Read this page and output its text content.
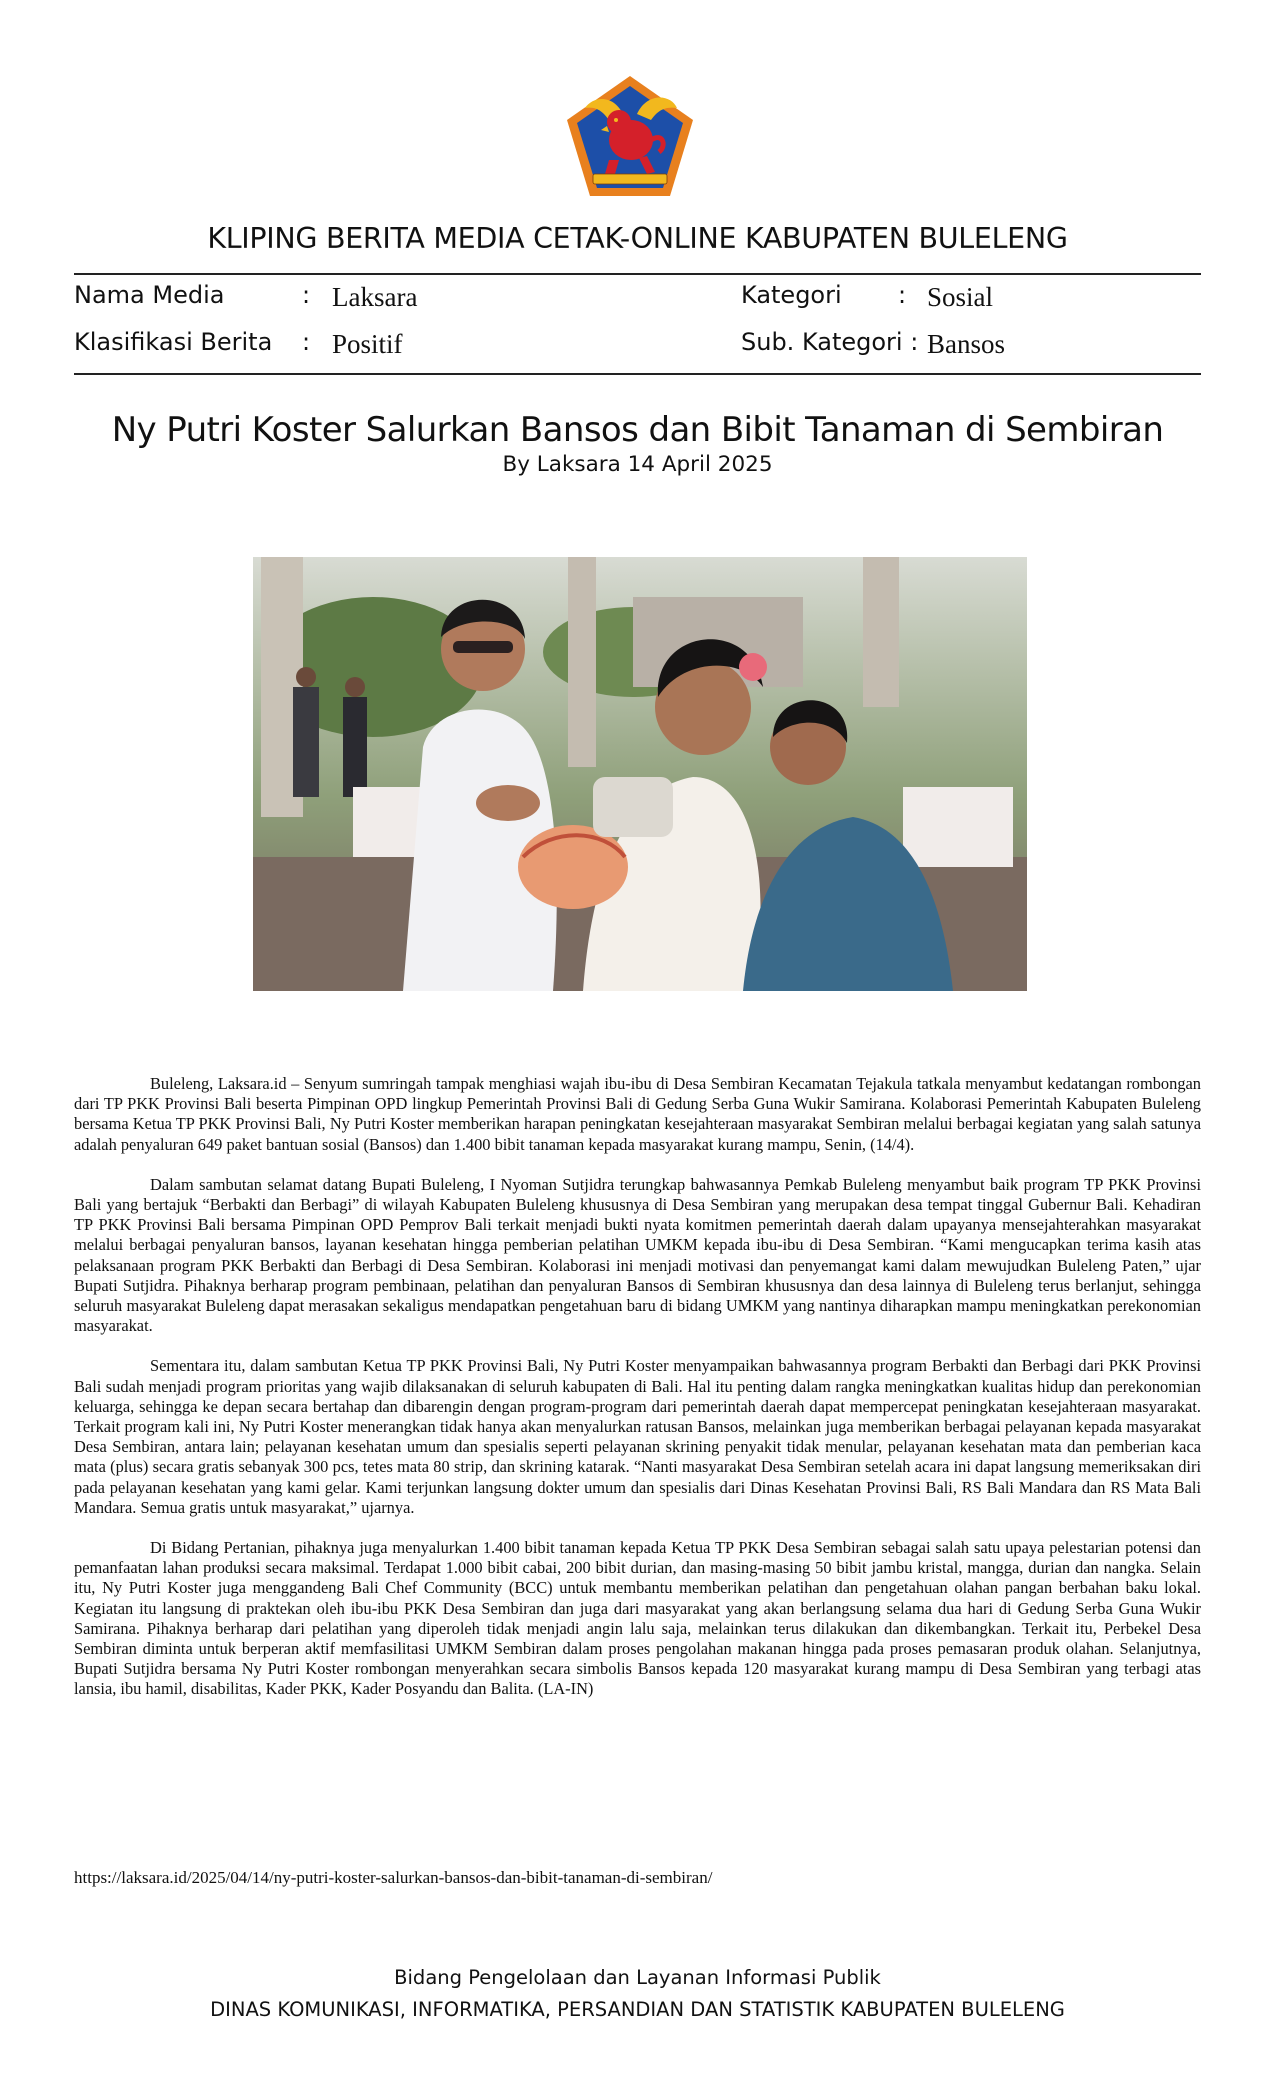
KLIPING BERITA MEDIA CETAK-ONLINE KABUPATEN BULELENG
Nama Media	: Laksara	Kategori : Sosial
Klasifikasi Berita : Positif	Sub. Kategori : Bansos
Ny Putri Koster Salurkan Bansos dan Bibit Tanaman di Sembiran
By Laksara 14 April 2025

Buleleng, Laksara.id – Senyum sumringah tampak menghiasi wajah ibu-ibu di Desa Sembiran Kecamatan Tejakula tatkala menyambut kedatangan rombongan dari TP PKK Provinsi Bali beserta Pimpinan OPD lingkup Pemerintah Provinsi Bali di Gedung Serba Guna Wukir Samirana. Kolaborasi Pemerintah Kabupaten Buleleng bersama Ketua TP PKK Provinsi Bali, Ny Putri Koster memberikan harapan peningkatan kesejahteraan masyarakat Sembiran melalui berbagai kegiatan yang salah satunya adalah penyaluran 649 paket bantuan sosial (Bansos) dan 1.400 bibit tanaman kepada masyarakat kurang mampu, Senin, (14/4).

Dalam sambutan selamat datang Bupati Buleleng, I Nyoman Sutjidra terungkap bahwasannya Pemkab Buleleng menyambut baik program TP PKK Provinsi Bali yang bertajuk “Berbakti dan Berbagi” di wilayah Kabupaten Buleleng khususnya di Desa Sembiran yang merupakan desa tempat tinggal Gubernur Bali. Kehadiran TP PKK Provinsi Bali bersama Pimpinan OPD Pemprov Bali terkait menjadi bukti nyata komitmen pemerintah daerah dalam upayanya mensejahterahkan masyarakat melalui berbagai penyaluran bansos, layanan kesehatan hingga pemberian pelatihan UMKM kepada ibu-ibu di Desa Sembiran. “Kami mengucapkan terima kasih atas pelaksanaan program PKK Berbakti dan Berbagi di Desa Sembiran. Kolaborasi ini menjadi motivasi dan penyemangat kami dalam mewujudkan Buleleng Paten,” ujar Bupati Sutjidra. Pihaknya berharap program pembinaan, pelatihan dan penyaluran Bansos di Sembiran khususnya dan desa lainnya di Buleleng terus berlanjut, sehingga seluruh masyarakat Buleleng dapat merasakan sekaligus mendapatkan pengetahuan baru di bidang UMKM yang nantinya diharapkan mampu meningkatkan perekonomian masyarakat.

Sementara itu, dalam sambutan Ketua TP PKK Provinsi Bali, Ny Putri Koster menyampaikan bahwasannya program Berbakti dan Berbagi dari PKK Provinsi Bali sudah menjadi program prioritas yang wajib dilaksanakan di seluruh kabupaten di Bali. Hal itu penting dalam rangka meningkatkan kualitas hidup dan perekonomian keluarga, sehingga ke depan secara bertahap dan dibarengin dengan program-program dari pemerintah daerah dapat mempercepat peningkatan kesejahteraan masyarakat. Terkait program kali ini, Ny Putri Koster menerangkan tidak hanya akan menyalurkan ratusan Bansos, melainkan juga memberikan berbagai pelayanan kepada masyarakat Desa Sembiran, antara lain; pelayanan kesehatan umum dan spesialis seperti pelayanan skrining penyakit tidak menular, pelayanan kesehatan mata dan pemberian kaca mata (plus) secara gratis sebanyak 300 pcs, tetes mata 80 strip, dan skrining katarak. “Nanti masyarakat Desa Sembiran setelah acara ini dapat langsung memeriksakan diri pada pelayanan kesehatan yang kami gelar. Kami terjunkan langsung dokter umum dan spesialis dari Dinas Kesehatan Provinsi Bali, RS Bali Mandara dan RS Mata Bali Mandara. Semua gratis untuk masyarakat,” ujarnya.

Di Bidang Pertanian, pihaknya juga menyalurkan 1.400 bibit tanaman kepada Ketua TP PKK Desa Sembiran sebagai salah satu upaya pelestarian potensi dan pemanfaatan lahan produksi secara maksimal. Terdapat 1.000 bibit cabai, 200 bibit durian, dan masing-masing 50 bibit jambu kristal, mangga, durian dan nangka. Selain itu, Ny Putri Koster juga menggandeng Bali Chef Community (BCC) untuk membantu memberikan pelatihan dan pengetahuan olahan pangan berbahan baku lokal. Kegiatan itu langsung di praktekan oleh ibu-ibu PKK Desa Sembiran dan juga dari masyarakat yang akan berlangsung selama dua hari di Gedung Serba Guna Wukir Samirana. Pihaknya berharap dari pelatihan yang diperoleh tidak menjadi angin lalu saja, melainkan terus dilakukan dan dikembangkan. Terkait itu, Perbekel Desa Sembiran diminta untuk berperan aktif memfasilitasi UMKM Sembiran dalam proses pengolahan makanan hingga pada proses pemasaran produk olahan. Selanjutnya, Bupati Sutjidra bersama Ny Putri Koster rombongan menyerahkan secara simbolis Bansos kepada 120 masyarakat kurang mampu di Desa Sembiran yang terbagi atas lansia, ibu hamil, disabilitas, Kader PKK, Kader Posyandu dan Balita. (LA-IN)

https://laksara.id/2025/04/14/ny-putri-koster-salurkan-bansos-dan-bibit-tanaman-di-sembiran/
Bidang Pengelolaan dan Layanan Informasi Publik
DINAS KOMUNIKASI, INFORMATIKA, PERSANDIAN DAN STATISTIK KABUPATEN BULELENG
